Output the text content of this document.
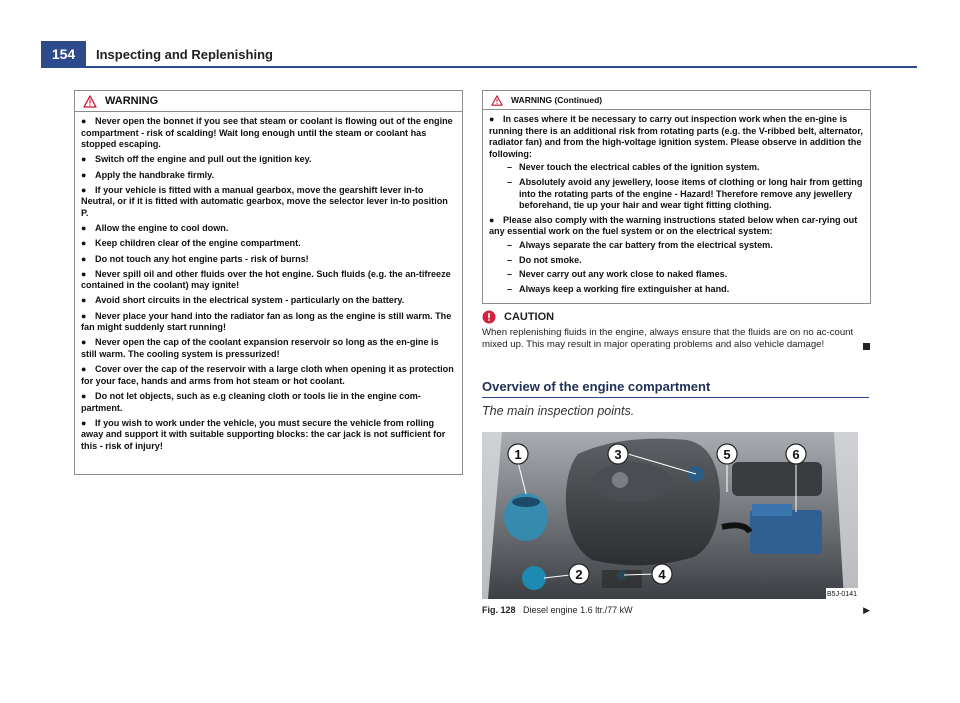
154	Inspecting and Replenishing
WARNING

● Never open the bonnet if you see that steam or coolant is flowing out of the engine compartment - risk of scalding! Wait long enough until the steam or coolant has stopped escaping.

● Switch off the engine and pull out the ignition key.

● Apply the handbrake firmly.

● If your vehicle is fitted with a manual gearbox, move the gearshift lever in-to Neutral, or if it is fitted with automatic gearbox, move the selector lever in-to position P.

● Allow the engine to cool down.

● Keep children clear of the engine compartment.

● Do not touch any hot engine parts - risk of burns!

● Never spill oil and other fluids over the hot engine. Such fluids (e.g. the an-tifreeze contained in the coolant) may ignite!

● Avoid short circuits in the electrical system - particularly on the battery.

● Never place your hand into the radiator fan as long as the engine is still warm. The fan might suddenly start running!

● Never open the cap of the coolant expansion reservoir so long as the en-gine is still warm. The cooling system is pressurized!

● Cover over the cap of the reservoir with a large cloth when opening it as protection for your face, hands and arms from hot steam or hot coolant.

● Do not let objects, such as e.g cleaning cloth or tools lie in the engine com-partment.

● If you wish to work under the vehicle, you must secure the vehicle from rolling away and support it with suitable supporting blocks: the car jack is not sufficient for this - risk of injury!

WARNING (Continued)

● In cases where it be necessary to carry out inspection work when the en-gine is running there is an additional risk from rotating parts (e.g. the V-ribbed belt, alternator, radiator fan) and from the high-voltage ignition system. Please observe in addition the following:

– Never touch the electrical cables of the ignition system.

– Absolutely avoid any jewellery, loose items of clothing or long hair from getting into the rotating parts of the engine - Hazard! Therefore remove any jewellery beforehand, tie up your hair and wear tight fitting clothing.

● Please also comply with the warning instructions stated below when car-rying out any essential work on the fuel system or on the electrical system:

– Always separate the car battery from the electrical system.

– Do not smoke.

– Never carry out any work close to naked flames.

– Always keep a working fire extinguisher at hand.

CAUTION

When replenishing fluids in the engine, always ensure that the fluids are on no ac-count mixed up. This may result in major operating problems and also vehicle damage!

Overview of the engine compartment
The main inspection points.
1
2
3
4
5	6
B5J-0141
Fig. 128 Diesel engine 1.6 ltr./77 kW	▶
